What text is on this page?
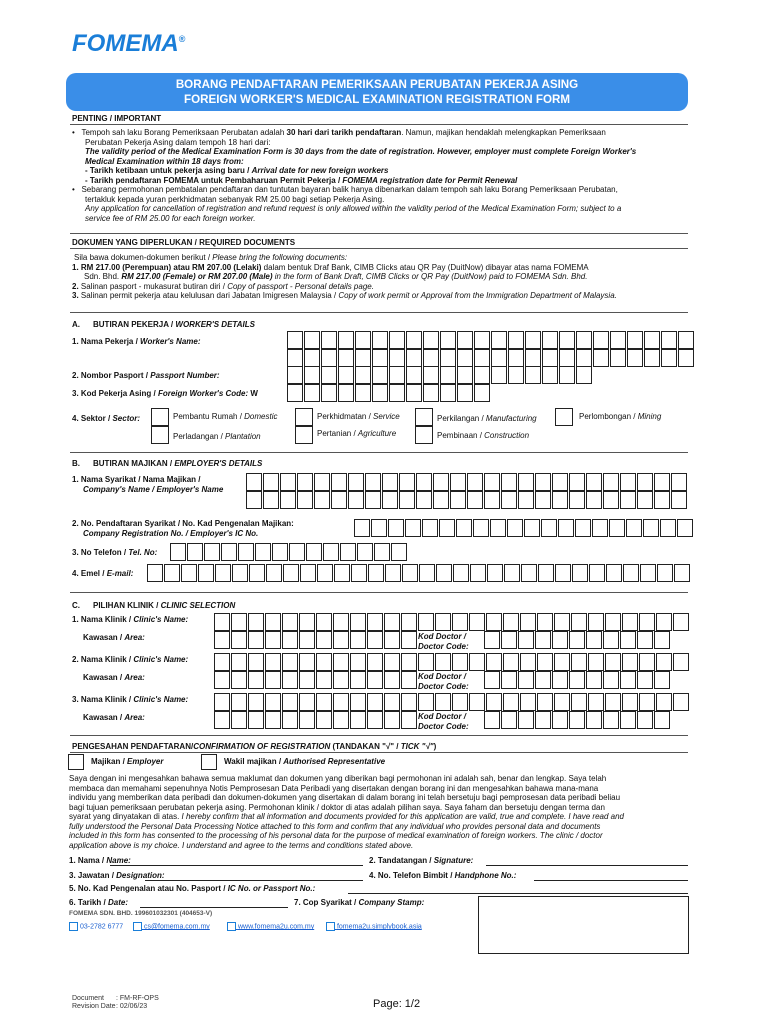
FOMEMA®
BORANG PENDAFTARAN PEMERIKSAAN PERUBATAN PEKERJA ASING
FOREIGN WORKER'S MEDICAL EXAMINATION REGISTRATION FORM
PENTING / IMPORTANT
•   Tempoh sah laku Borang Pemeriksaan Perubatan adalah 30 hari dari tarikh pendaftaran. Namun, majikan hendaklah melengkapkan Pemeriksaan
Perubatan Pekerja Asing dalam tempoh 18 hari dari:
The validity period of the Medical Examination Form is 30 days from the date of registration. However, employer must complete Foreign Worker's
Medical Examination within 18 days from:
- Tarikh ketibaan untuk pekerja asing baru / Arrival date for new foreign workers
- Tarikh pendaftaran FOMEMA untuk Pembaharuan Permit Pekerja / FOMEMA registration date for Permit Renewal
•   Sebarang permohonan pembatalan pendaftaran dan tuntutan bayaran balik hanya dibenarkan dalam tempoh sah laku Borang Pemeriksaan Perubatan,
tertakluk kepada yuran perkhidmatan sebanyak RM 25.00 bagi setiap Pekerja Asing.
Any application for cancellation of registration and refund request is only allowed within the validity period of the Medical Examination Form; subject to a
service fee of RM 25.00 for each foreign worker.
DOKUMEN YANG DIPERLUKAN / REQUIRED DOCUMENTS
Sila bawa dokumen-dokumen berikut / Please bring the following documents:
1. RM 217.00 (Perempuan) atau RM 207.00 (Lelaki) dalam bentuk Draf Bank, CIMB Clicks atau QR Pay (DuitNow) dibayar atas nama FOMEMA
Sdn. Bhd. RM 217.00 (Female) or RM 207.00 (Male) in the form of Bank Draft, CIMB Clicks or QR Pay (DuitNow) paid to FOMEMA Sdn. Bhd.
2. Salinan pasport - mukasurat butiran diri / Copy of passport - Personal details page.
3. Salinan permit pekerja atau kelulusan dari Jabatan Imigresen Malaysia / Copy of work permit or Approval from the Immigration Department of Malaysia.
A. BUTIRAN PEKERJA / WORKER'S DETAILS
1. Nama Pekerja / Worker's Name:
2. Nombor Pasport / Passport Number:
3. Kod Pekerja Asing / Foreign Worker's Code: W
4. Sektor / Sector:	Pembantu Rumah / Domestic	Perkhidmatan / Service	Perkilangan / Manufacturing	Perlombongan / Mining
Perladangan / Plantation	Pertanian / Agriculture	Pembinaan / Construction
B. BUTIRAN MAJIKAN / EMPLOYER'S DETAILS
1. Nama Syarikat / Nama Majikan /
Company's Name / Employer's Name
2. No. Pendaftaran Syarikat / No. Kad Pengenalan Majikan:
Company Registration No. / Employer's IC No.
3. No Telefon / Tel. No:
4. Emel / E-mail:
C. PILIHAN KLINIK / CLINIC SELECTION
1. Nama Klinik / Clinic's Name:
Kawasan / Area:	Kod Doctor /
Doctor Code:
2. Nama Klinik / Clinic's Name:
Kawasan / Area:	Kod Doctor /
Doctor Code:
3. Nama Klinik / Clinic's Name:
Kawasan / Area:	Kod Doctor /
Doctor Code:
PENGESAHAN PENDAFTARAN/CONFIRMATION OF REGISTRATION (TANDAKAN "√" / TICK "√")
Majikan / Employer	Wakil majikan / Authorised Representative
Saya dengan ini mengesahkan bahawa semua maklumat dan dokumen yang diberikan bagi permohonan ini adalah sah, benar dan lengkap. Saya telah
membaca dan memahami sepenuhnya Notis Pemprosesan Data Peribadi yang disertakan dengan borang ini dan mengesahkan bahawa mana-mana
individu yang memberikan data peribadi dan dokumen-dokumen yang disertakan di dalam borang ini telah bersetuju bagi pemprosesan data peribadi beliau
bagi tujuan pemeriksaan perubatan pekerja asing. Permohonan klinik / doktor di atas adalah pilihan saya. Saya faham dan bersetuju dengan terma dan
syarat yang dinyatakan di atas. I hereby confirm that all information and documents provided for this application are valid, true and complete. I have read and
fully understood the Personal Data Processing Notice attached to this form and confirm that any individual who provides personal data and documents
included in this form has consented to the processing of his personal data for the purpose of medical examination of foreign workers. The clinic / doctor
application above is my choice. I understand and agree to the terms and conditions stated above.
1. Nama / Name:	2. Tandatangan / Signature:
3. Jawatan / Designation:	4. No. Telefon Bimbit / Handphone No.:
5. No. Kad Pengenalan atau No. Pasport / IC No. or Passport No.:
6. Tarikh / Date:	7. Cop Syarikat / Company Stamp:
FOMEMA SDN. BHD. 199601032301 (404653-V)
03-2782 6777	cs@fomema.com.my	www.fomema2u.com.my	fomema2u.simplybook.asia
Document
Revision Date
: FM-RF-OPS
: 02/06/23	Page: 1/2
